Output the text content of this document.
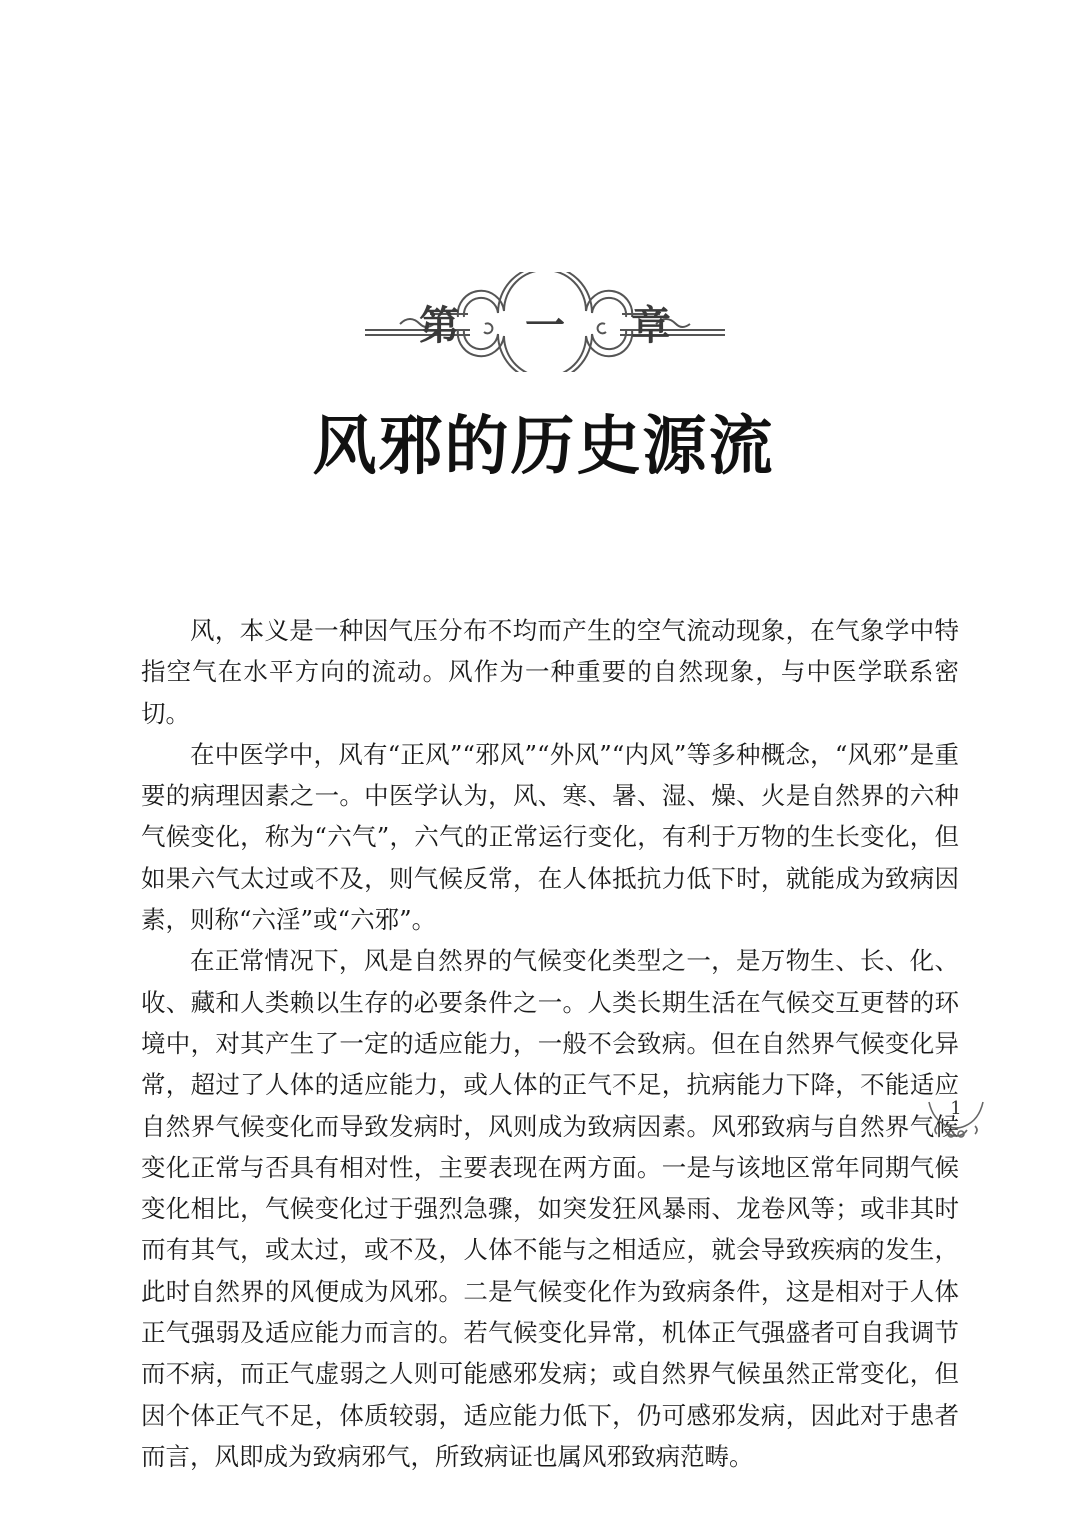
第 一 章
风邪的历史源流

风，本义是一种因气压分布不均而产生的空气流动现象，在气象学中特指空气在水平方向的流动。风作为一种重要的自然现象，与中医学联系密切。

在中医学中，风有“正风”“邪风”“外风”“内风”等多种概念，“风邪”是重要的病理因素之一。中医学认为，风、寒、暑、湿、燥、火是自然界的六种气候变化，称为“六气”，六气的正常运行变化，有利于万物的生长变化，但如果六气太过或不及，则气候反常，在人体抵抗力低下时，就能成为致病因素，则称“六淫”或“六邪”。

在正常情况下，风是自然界的气候变化类型之一，是万物生、长、化、收、藏和人类赖以生存的必要条件之一。人类长期生活在气候交互更替的环境中，对其产生了一定的适应能力，一般不会致病。但在自然界气候变化异常，超过了人体的适应能力，或人体的正气不足，抗病能力下降，不能适应自然界气候变化而导致发病时，风则成为致病因素。风邪致病与自然界气候变化正常与否具有相对性，主要表现在两方面。一是与该地区常年同期气候变化相比，气候变化过于强烈急骤，如突发狂风暴雨、龙卷风等；或非其时而有其气，或太过，或不及，人体不能与之相适应，就会导致疾病的发生，此时自然界的风便成为风邪。二是气候变化作为致病条件，这是相对于人体正气强弱及适应能力而言的。若气候变化异常，机体正气强盛者可自我调节而不病，而正气虚弱之人则可能感邪发病；或自然界气候虽然正常变化，但因个体正气不足，体质较弱，适应能力低下，仍可感邪发病，因此对于患者而言，风即成为致病邪气，所致病证也属风邪致病范畴。

1
